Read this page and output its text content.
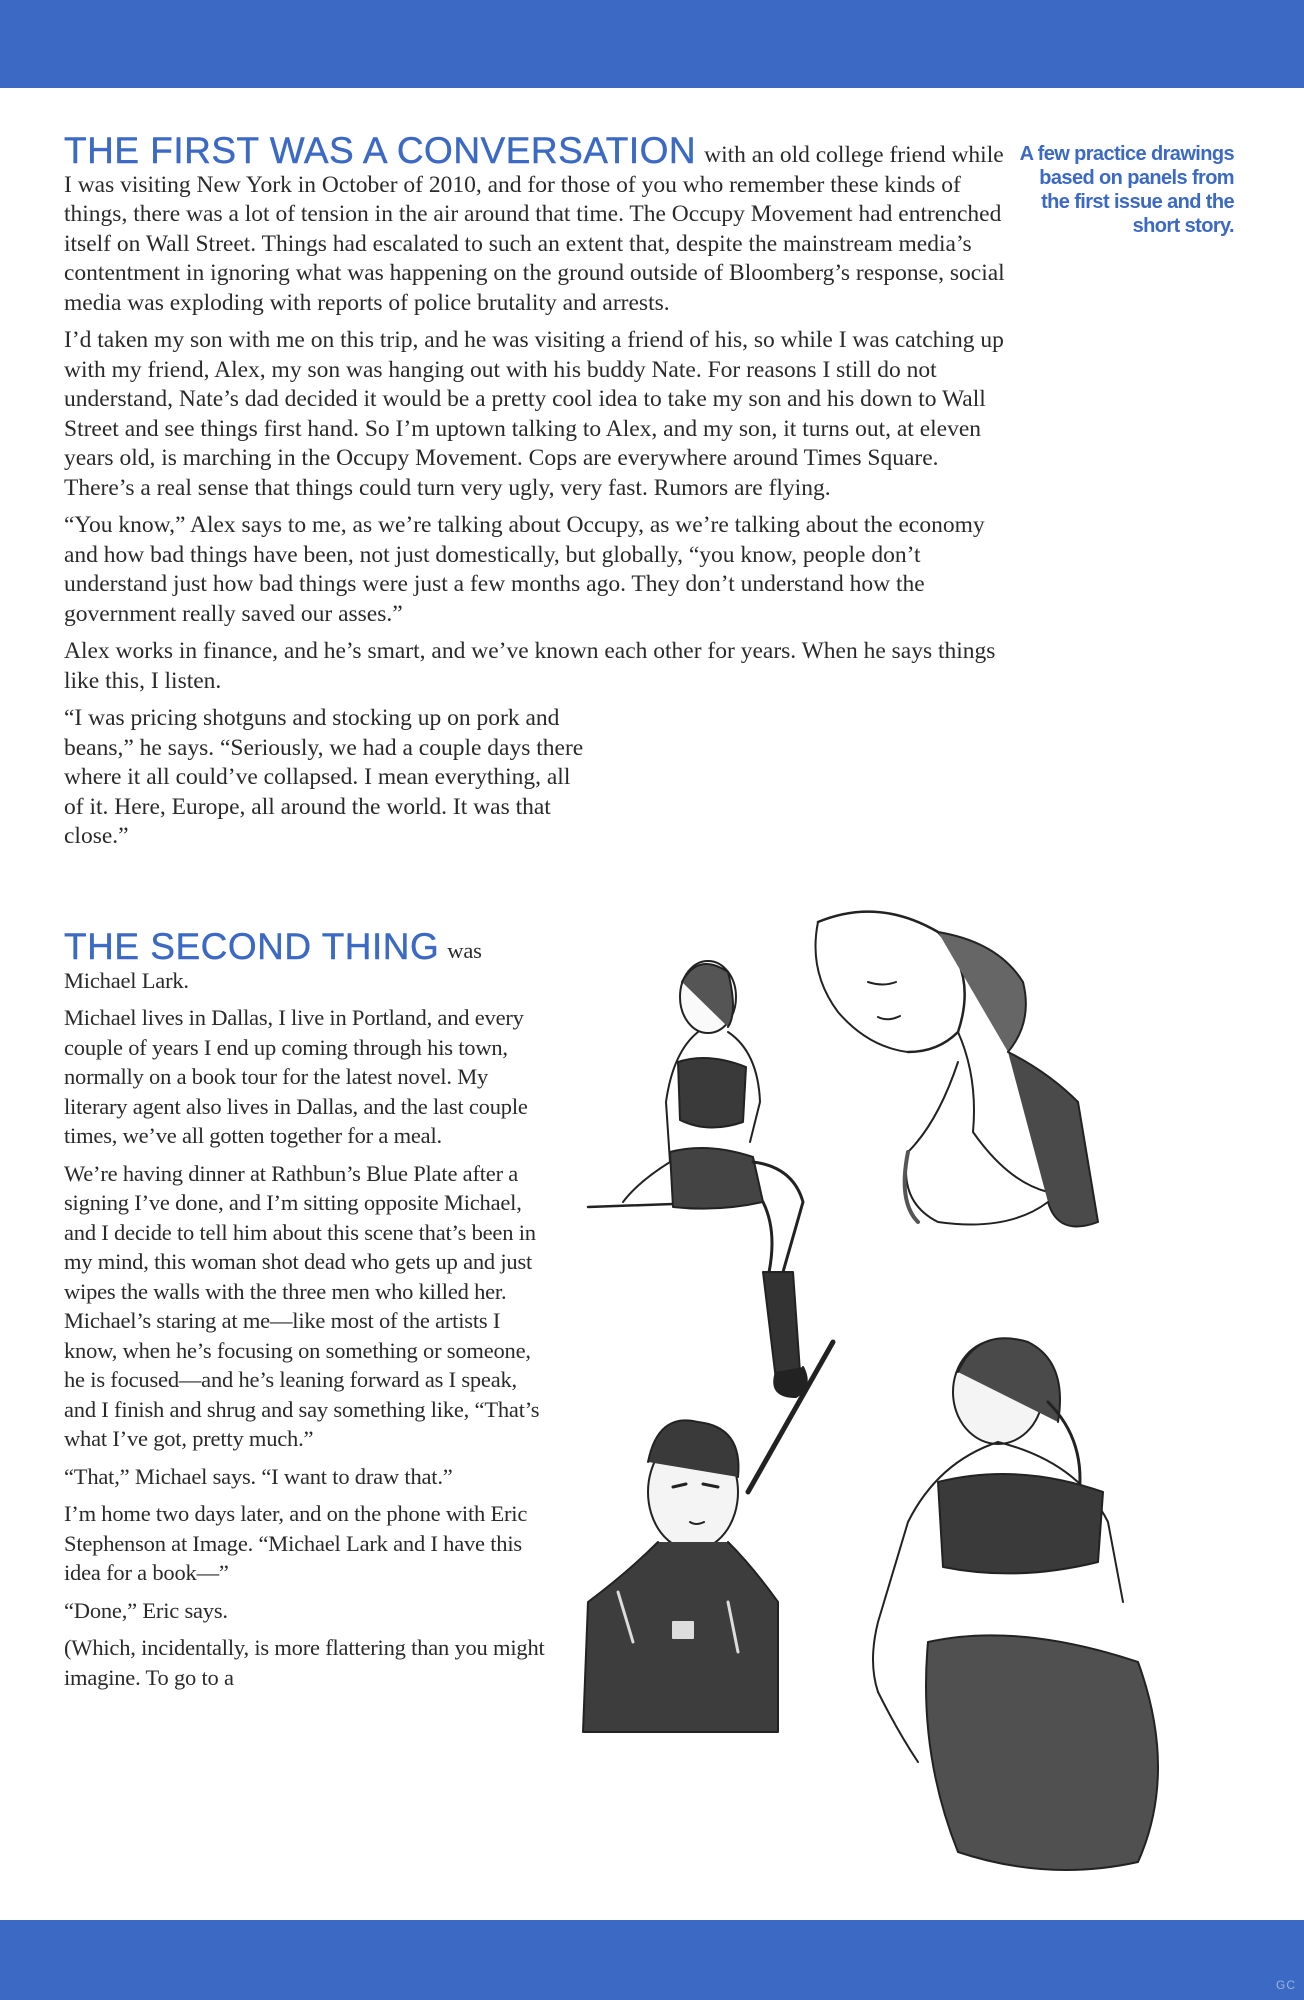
A few practice drawings based on panels from the first issue and the short story.

THE FIRST WAS A CONVERSATION with an old college friend while I was visiting New York in October of 2010, and for those of you who remember these kinds of things, there was a lot of tension in the air around that time. The Occupy Movement had entrenched itself on Wall Street. Things had escalated to such an extent that, despite the mainstream media’s contentment in ignoring what was happening on the ground outside of Bloomberg’s response, social media was exploding with reports of police brutality and arrests.

I’d taken my son with me on this trip, and he was visiting a friend of his, so while I was catching up with my friend, Alex, my son was hanging out with his buddy Nate. For reasons I still do not understand, Nate’s dad decided it would be a pretty cool idea to take my son and his down to Wall Street and see things first hand. So I’m uptown talking to Alex, and my son, it turns out, at eleven years old, is marching in the Occupy Movement. Cops are everywhere around Times Square. There’s a real sense that things could turn very ugly, very fast. Rumors are flying.

“You know,” Alex says to me, as we’re talking about Occupy, as we’re talking about the economy and how bad things have been, not just domestically, but globally, “you know, people don’t understand just how bad things were just a few months ago. They don’t understand how the government really saved our asses.”

Alex works in finance, and he’s smart, and we’ve known each other for years. When he says things like this, I listen.

“I was pricing shotguns and stocking up on pork and beans,” he says. “Seriously, we had a couple days there where it all could’ve collapsed. I mean everything, all of it. Here, Europe, all around the world. It was that close.”

THE SECOND THING was Michael Lark.

Michael lives in Dallas, I live in Portland, and every couple of years I end up coming through his town, normally on a book tour for the latest novel. My literary agent also lives in Dallas, and the last couple times, we’ve all gotten together for a meal.

We’re having dinner at Rathbun’s Blue Plate after a signing I’ve done, and I’m sitting opposite Michael, and I decide to tell him about this scene that’s been in my mind, this woman shot dead who gets up and just wipes the walls with the three men who killed her. Michael’s staring at me—like most of the artists I know, when he’s focusing on something or someone, he is focused—and he’s leaning forward as I speak, and I finish and shrug and say something like, “That’s what I’ve got, pretty much.”

“That,” Michael says. “I want to draw that.”

I’m home two days later, and on the phone with Eric Stephenson at Image. “Michael Lark and I have this idea for a book—”

“Done,” Eric says.

(Which, incidentally, is more flattering than you might imagine. To go to a

GC
